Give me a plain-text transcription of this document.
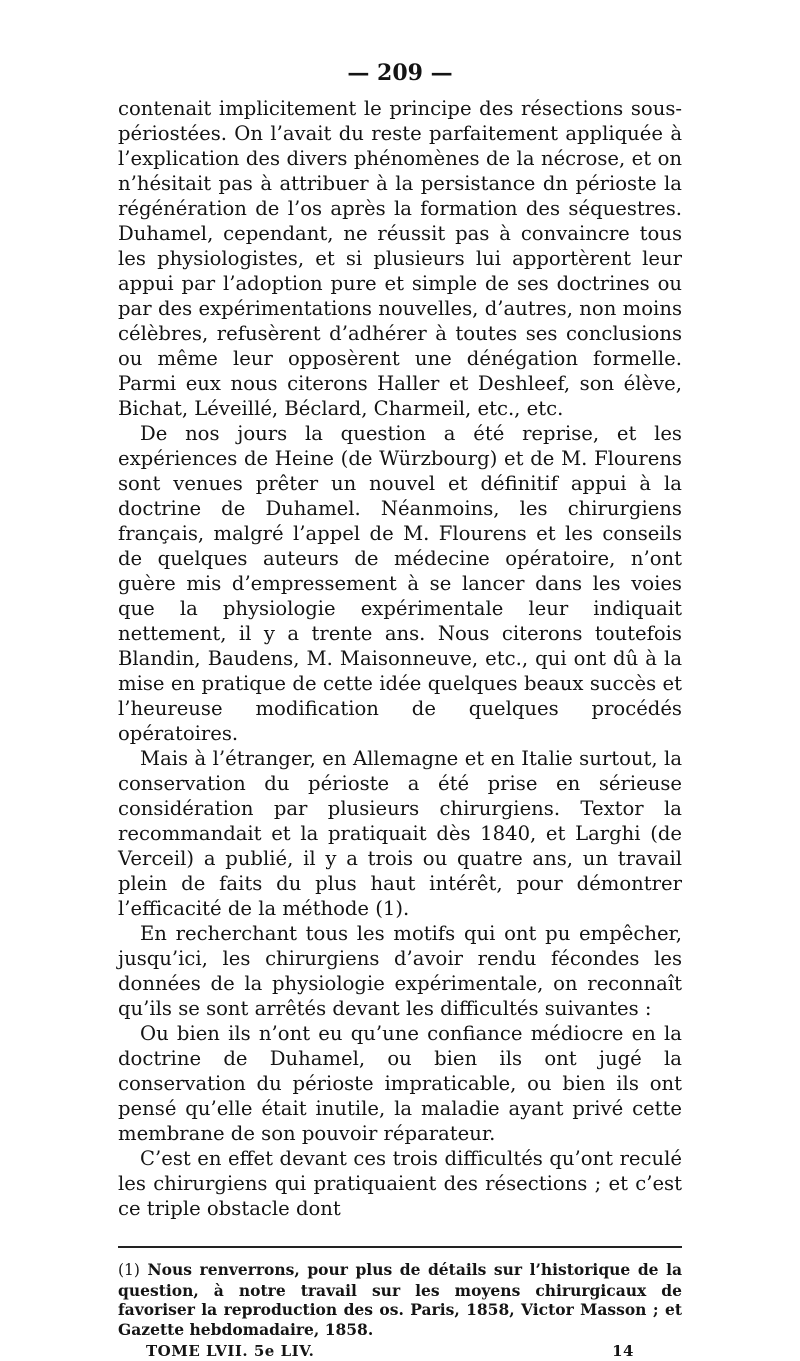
— 209 —

contenait implicitement le principe des résections sous-périostées. On l’avait du reste parfaitement appliquée à l’explication des divers phénomènes de la nécrose, et on n’hésitait pas à attribuer à la persistance dn périoste la régénération de l’os après la formation des séquestres. Duhamel, cependant, ne réussit pas à convaincre tous les physiologistes, et si plusieurs lui apportèrent leur appui par l’adoption pure et simple de ses doctrines ou par des expérimentations nouvelles, d’autres, non moins célèbres, refusèrent d’adhérer à toutes ses conclusions ou même leur opposèrent une dénégation formelle. Parmi eux nous citerons Haller et Deshleef, son élève, Bichat, Léveillé, Béclard, Charmeil, etc., etc.

De nos jours la question a été reprise, et les expériences de Heine (de Würzbourg) et de M. Flourens sont venues prêter un nouvel et définitif appui à la doctrine de Duhamel. Néanmoins, les chirurgiens français, malgré l’appel de M. Flourens et les conseils de quelques auteurs de médecine opératoire, n’ont guère mis d’empressement à se lancer dans les voies que la physiologie expérimentale leur indiquait nettement, il y a trente ans. Nous citerons toutefois Blandin, Baudens, M. Maisonneuve, etc., qui ont dû à la mise en pratique de cette idée quelques beaux succès et l’heureuse modification de quelques procédés opératoires.

Mais à l’étranger, en Allemagne et en Italie surtout, la conservation du périoste a été prise en sérieuse considération par plusieurs chirurgiens. Textor la recommandait et la pratiquait dès 1840, et Larghi (de Verceil) a publié, il y a trois ou quatre ans, un travail plein de faits du plus haut intérêt, pour démontrer l’efficacité de la méthode (1).

En recherchant tous les motifs qui ont pu empêcher, jusqu’ici, les chirurgiens d’avoir rendu fécondes les données de la physiologie expérimentale, on reconnaît qu’ils se sont arrêtés devant les difficultés suivantes :

Ou bien ils n’ont eu qu’une confiance médiocre en la doctrine de Duhamel, ou bien ils ont jugé la conservation du périoste impraticable, ou bien ils ont pensé qu’elle était inutile, la maladie ayant privé cette membrane de son pouvoir réparateur.

C’est en effet devant ces trois difficultés qu’ont reculé les chirurgiens qui pratiquaient des résections ; et c’est ce triple obstacle dont

(1) Nous renverrons, pour plus de détails sur l’historique de la question, à notre travail sur les moyens chirurgicaux de favoriser la reproduction des os. Paris, 1858, Victor Masson ; et Gazette hebdomadaire, 1858.
TOME LVII. 5e LIV.	14
